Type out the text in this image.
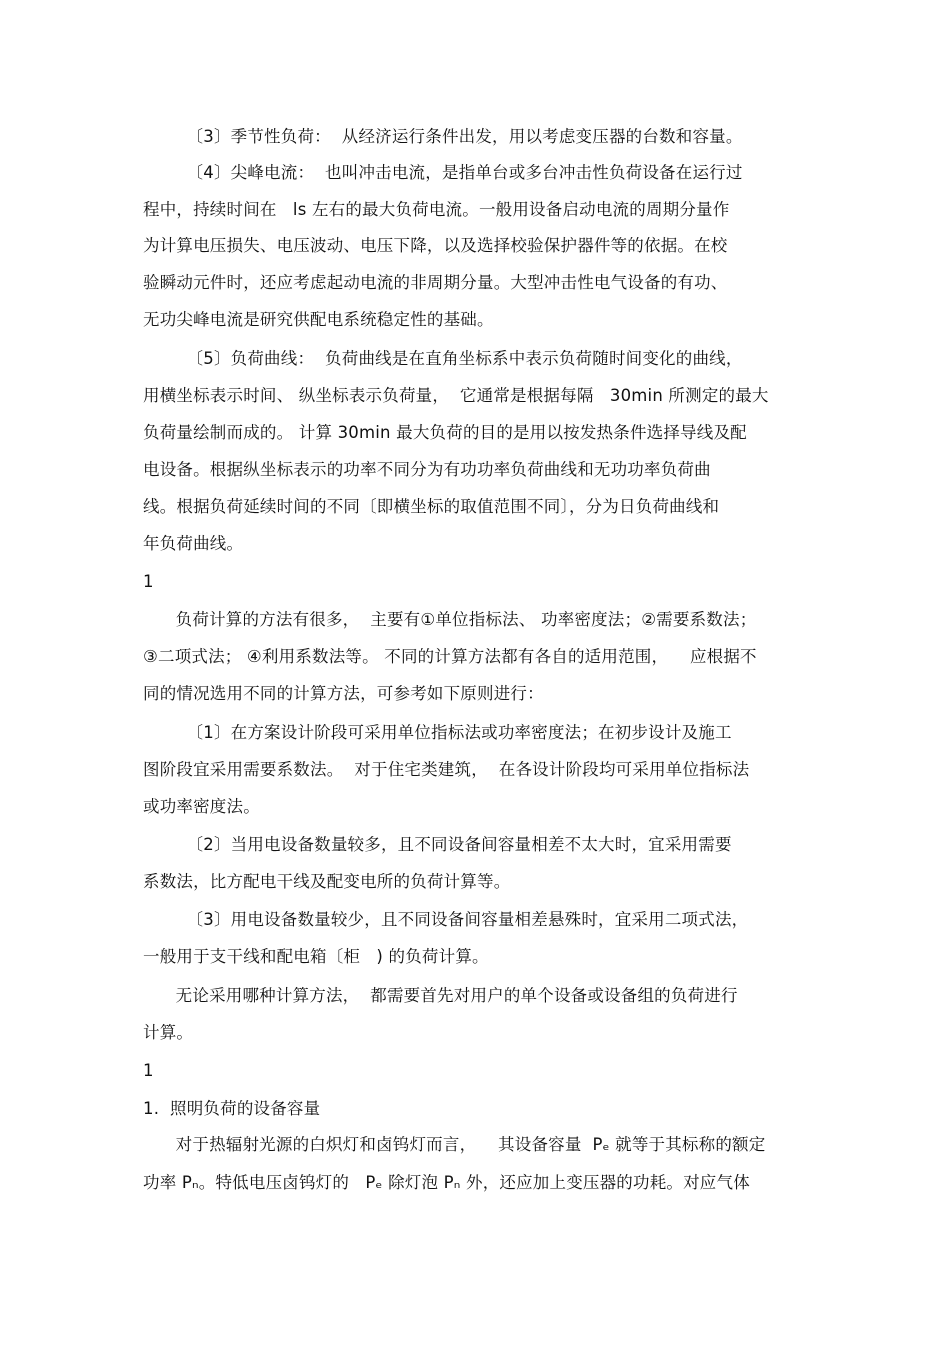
〔3〕季节性负荷：  从经济运行条件出发，用以考虑变压器的台数和容量。
〔4〕尖峰电流：  也叫冲击电流，是指单台或多台冲击性负荷设备在运行过
程中，持续时间在   ls 左右的最大负荷电流。一般用设备启动电流的周期分量作
为计算电压损失、电压波动、电压下降，以及选择校验保护器件等的依据。在校
验瞬动元件时，还应考虑起动电流的非周期分量。大型冲击性电气设备的有功、
无功尖峰电流是研究供配电系统稳定性的基础。
〔5〕负荷曲线：  负荷曲线是在直角坐标系中表示负荷随时间变化的曲线，
用横坐标表示时间、 纵坐标表示负荷量，  它通常是根据每隔   30min 所测定的最大
负荷量绘制而成的。 计算 30min 最大负荷的目的是用以按发热条件选择导线及配
电设备。根据纵坐标表示的功率不同分为有功功率负荷曲线和无功功率负荷曲
线。根据负荷延续时间的不同〔即横坐标的取值范围不同〕，分为日负荷曲线和
年负荷曲线。
1
负荷计算的方法有很多，  主要有①单位指标法、 功率密度法；②需要系数法；
③二项式法； ④利用系数法等。 不同的计算方法都有各自的适用范围，    应根据不
同的情况选用不同的计算方法，可参考如下原则进行：
〔1〕在方案设计阶段可采用单位指标法或功率密度法；在初步设计及施工
图阶段宜采用需要系数法。  对于住宅类建筑，  在各设计阶段均可采用单位指标法
或功率密度法。
〔2〕当用电设备数量较多，且不同设备间容量相差不太大时，宜采用需要
系数法，比方配电干线及配变电所的负荷计算等。
〔3〕用电设备数量较少，且不同设备间容量相差悬殊时，宜采用二项式法，
一般用于支干线和配电箱〔柜   ) 的负荷计算。
无论采用哪种计算方法，  都需要首先对用户的单个设备或设备组的负荷进行
计算。
1
1.  照明负荷的设备容量
对于热辐射光源的白炽灯和卤钨灯而言，    其设备容量  Pₑ 就等于其标称的额定
功率 Pₙ。特低电压卤钨灯的   Pₑ 除灯泡 Pₙ 外，还应加上变压器的功耗。对应气体
